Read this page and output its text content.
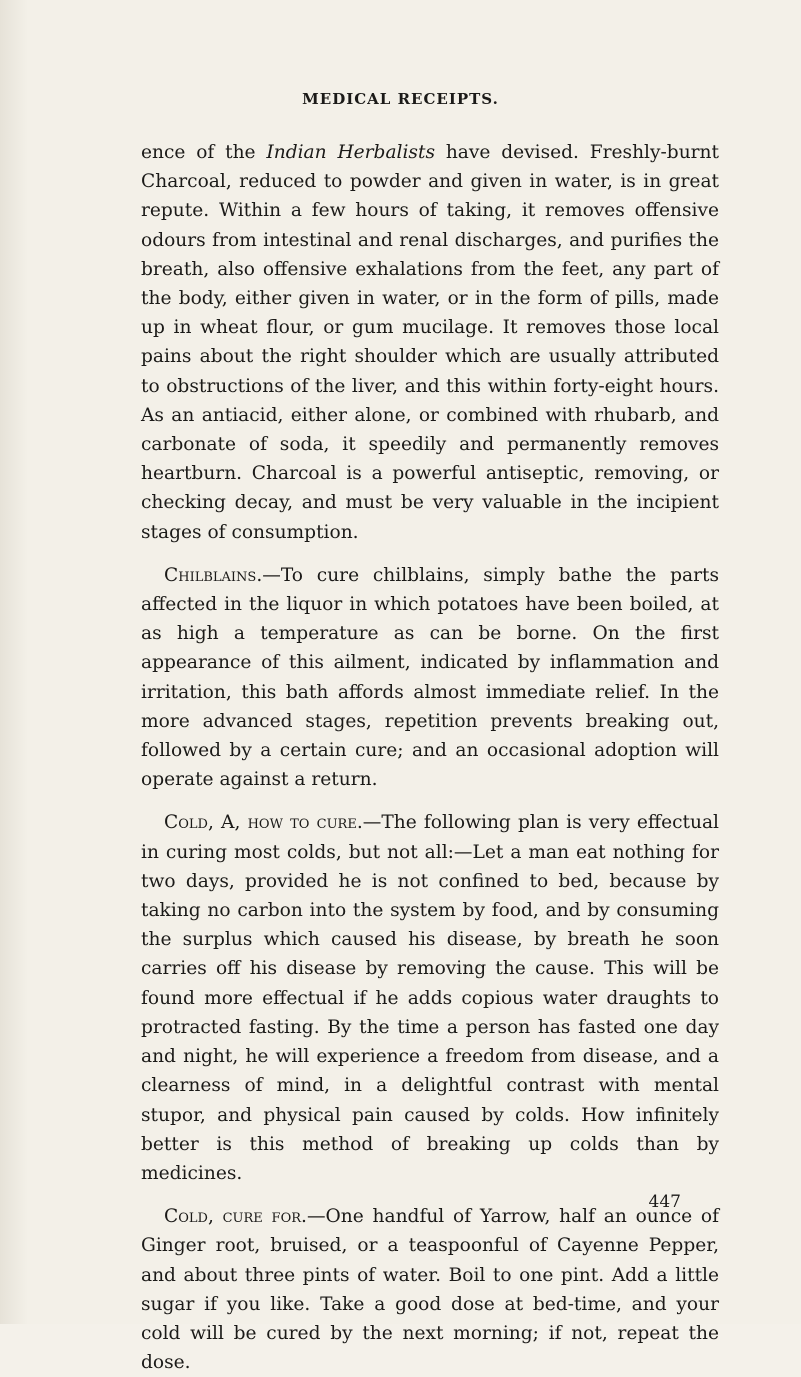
MEDICAL RECEIPTS.

ence of the Indian Herbalists have devised. Freshly-burnt Charcoal, reduced to powder and given in water, is in great repute. Within a few hours of taking, it removes offensive odours from intestinal and renal discharges, and purifies the breath, also offensive exhalations from the feet, any part of the body, either given in water, or in the form of pills, made up in wheat flour, or gum mucilage. It removes those local pains about the right shoulder which are usually attributed to obstructions of the liver, and this within forty-eight hours. As an antiacid, either alone, or combined with rhubarb, and carbonate of soda, it speedily and permanently removes heartburn. Charcoal is a powerful antiseptic, removing, or checking decay, and must be very valuable in the incipient stages of consumption.

Chilblains.—To cure chilblains, simply bathe the parts affected in the liquor in which potatoes have been boiled, at as high a temperature as can be borne. On the first appearance of this ailment, indicated by inflammation and irritation, this bath affords almost immediate relief. In the more advanced stages, repetition prevents breaking out, followed by a certain cure; and an occasional adoption will operate against a return.

Cold, A, how to cure.—The following plan is very effectual in curing most colds, but not all:—Let a man eat nothing for two days, provided he is not confined to bed, because by taking no carbon into the system by food, and by consuming the surplus which caused his disease, by breath he soon carries off his disease by removing the cause. This will be found more effectual if he adds copious water draughts to protracted fasting. By the time a person has fasted one day and night, he will experience a freedom from disease, and a clearness of mind, in a delightful contrast with mental stupor, and physical pain caused by colds. How infinitely better is this method of breaking up colds than by medicines.

Cold, cure for.—One handful of Yarrow, half an ounce of Ginger root, bruised, or a teaspoonful of Cayenne Pepper, and about three pints of water. Boil to one pint. Add a little sugar if you like. Take a good dose at bed-time, and your cold will be cured by the next morning; if not, repeat the dose.

447
